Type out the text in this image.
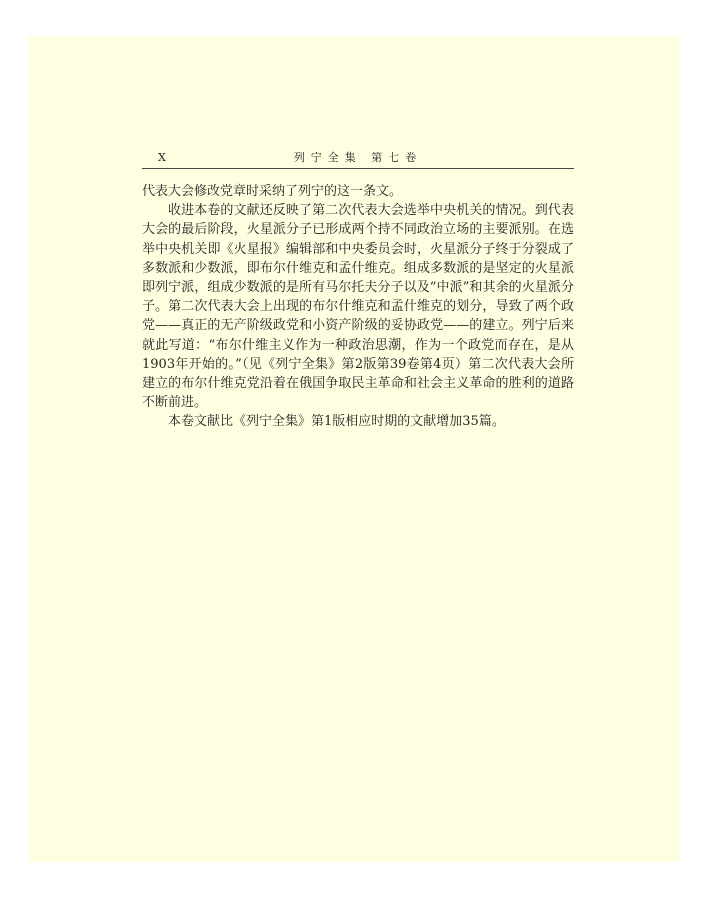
X	列宁全集 第七卷

代表大会修改党章时采纳了列宁的这一条文。

收进本卷的文献还反映了第二次代表大会选举中央机关的情况。到代表大会的最后阶段，火星派分子已形成两个持不同政治立场的主要派别。在选举中央机关即《火星报》编辑部和中央委员会时，火星派分子终于分裂成了多数派和少数派，即布尔什维克和孟什维克。组成多数派的是坚定的火星派即列宁派，组成少数派的是所有马尔托夫分子以及“中派”和其余的火星派分子。第二次代表大会上出现的布尔什维克和孟什维克的划分，导致了两个政党——真正的无产阶级政党和小资产阶级的妥协政党——的建立。列宁后来就此写道：“布尔什维主义作为一种政治思潮，作为一个政党而存在，是从1903年开始的。”（见《列宁全集》第2版第39卷第4页）第二次代表大会所建立的布尔什维克党沿着在俄国争取民主革命和社会主义革命的胜利的道路不断前进。

本卷文献比《列宁全集》第1版相应时期的文献增加35篇。
